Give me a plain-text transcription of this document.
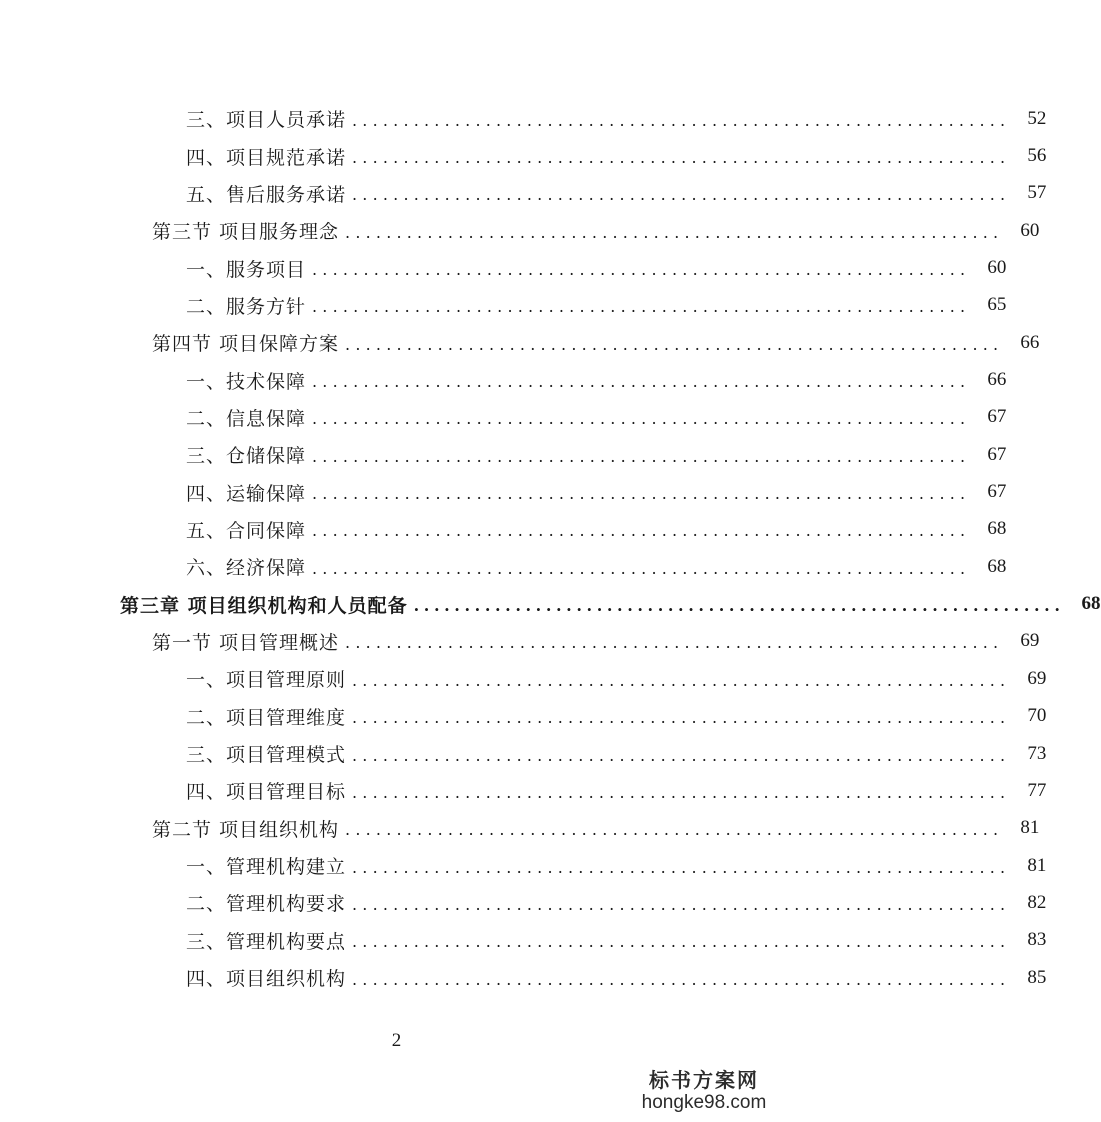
三、项目人员承诺 ................................................................ 52
四、项目规范承诺 ................................................................ 56
五、售后服务承诺 ................................................................ 57
第三节 项目服务理念 ................................................................ 60
一、服务项目 ................................................................ 60
二、服务方针 ................................................................ 65
第四节 项目保障方案 ................................................................ 66
一、技术保障 ................................................................ 66
二、信息保障 ................................................................ 67
三、仓储保障 ................................................................ 67
四、运输保障 ................................................................ 67
五、合同保障 ................................................................ 68
六、经济保障 ................................................................ 68
第三章 项目组织机构和人员配备 ................................................................ 68
第一节 项目管理概述 ................................................................ 69
一、项目管理原则 ................................................................ 69
二、项目管理维度 ................................................................ 70
三、项目管理模式 ................................................................ 73
四、项目管理目标 ................................................................ 77
第二节 项目组织机构 ................................................................ 81
一、管理机构建立 ................................................................ 81
二、管理机构要求 ................................................................ 82
三、管理机构要点 ................................................................ 83
四、项目组织机构 ................................................................ 85
2
标书方案网
hongke98.com
